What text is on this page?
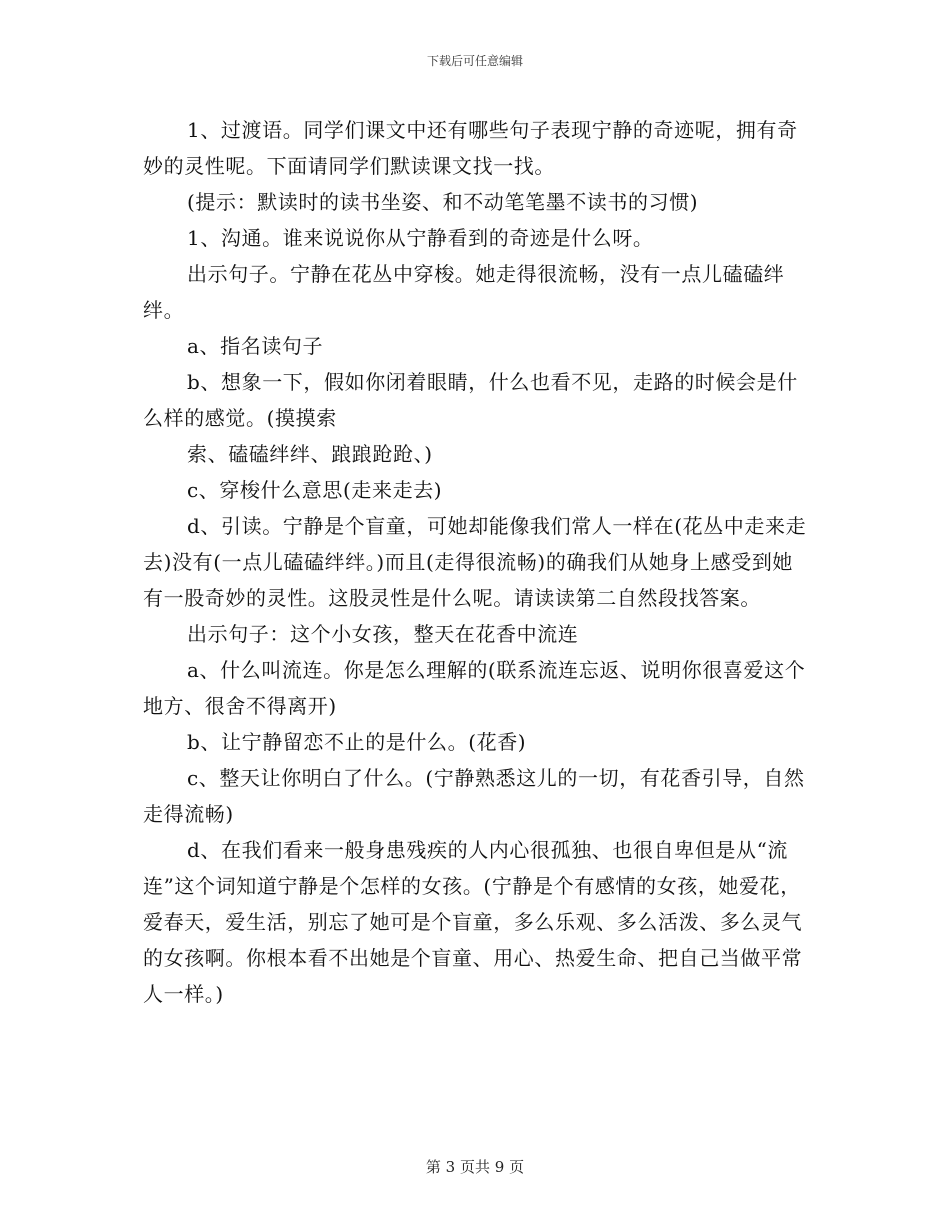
下载后可任意编辑

1、过渡语。同学们课文中还有哪些句子表现宁静的奇迹呢，拥有奇妙的灵性呢。下面请同学们默读课文找一找。

(提示：默读时的读书坐姿、和不动笔笔墨不读书的习惯)

1、沟通。谁来说说你从宁静看到的奇迹是什么呀。

出示句子。宁静在花丛中穿梭。她走得很流畅，没有一点儿磕磕绊绊。

a、指名读句子

b、想象一下，假如你闭着眼睛，什么也看不见，走路的时候会是什么样的感觉。(摸摸索

索、磕磕绊绊、踉踉跄跄、)

c、穿梭什么意思(走来走去)

d、引读。宁静是个盲童，可她却能像我们常人一样在(花丛中走来走去)没有(一点儿磕磕绊绊。)而且(走得很流畅)的确我们从她身上感受到她有一股奇妙的灵性。这股灵性是什么呢。请读读第二自然段找答案。

出示句子：这个小女孩，整天在花香中流连

a、什么叫流连。你是怎么理解的(联系流连忘返、说明你很喜爱这个地方、很舍不得离开)

b、让宁静留恋不止的是什么。(花香)

c、整天让你明白了什么。(宁静熟悉这儿的一切，有花香引导，自然走得流畅)

d、在我们看来一般身患残疾的人内心很孤独、也很自卑但是从“流连”这个词知道宁静是个怎样的女孩。(宁静是个有感情的女孩，她爱花，爱春天，爱生活，别忘了她可是个盲童，多么乐观、多么活泼、多么灵气的女孩啊。你根本看不出她是个盲童、用心、热爱生命、把自己当做平常人一样。)

第 3 页共 9 页
